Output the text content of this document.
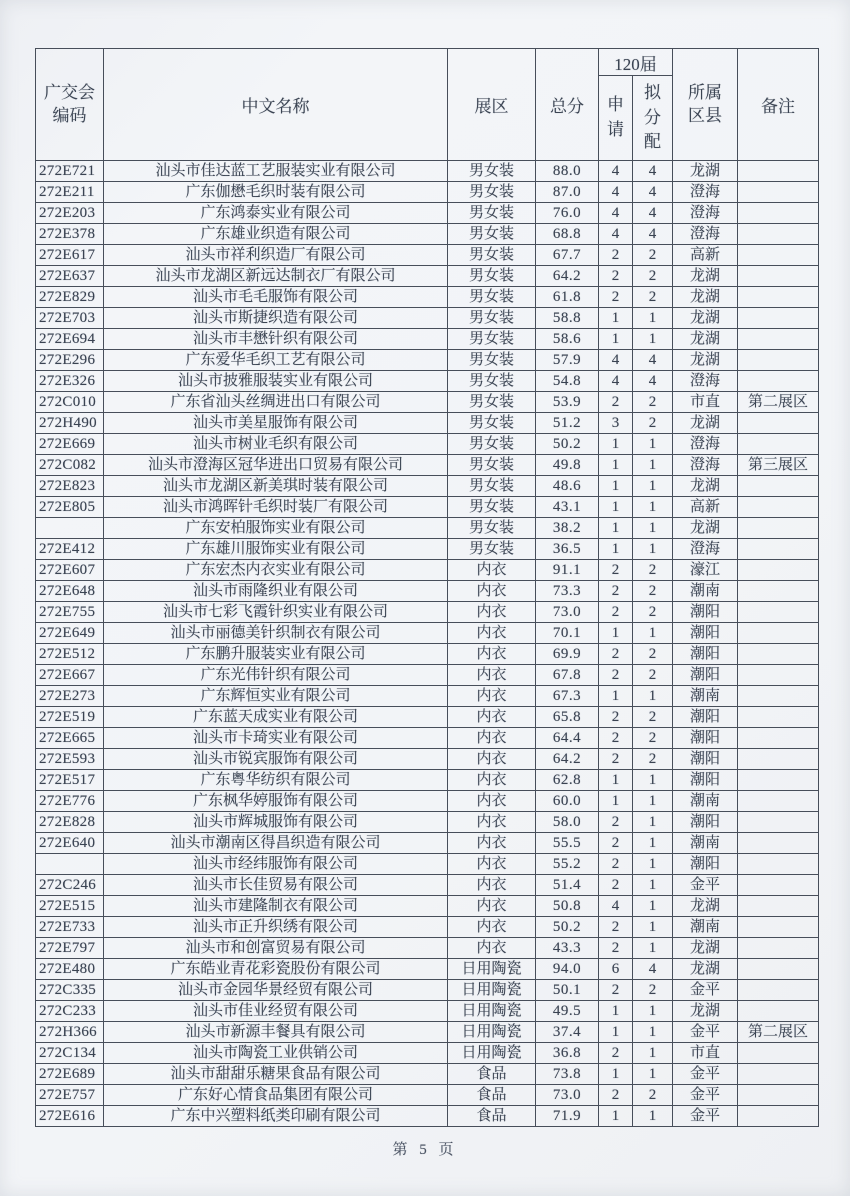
广交会编码	中文名称	展区	总分	120届		所属区县	备注
				申请	拟分配		
272E721	汕头市佳达蓝工艺服装实业有限公司	男女装	88.0	4	4	龙湖	
272E211	广东伽懋毛织时装有限公司	男女装	87.0	4	4	澄海	
272E203	广东鸿泰实业有限公司	男女装	76.0	4	4	澄海	
272E378	广东雄业织造有限公司	男女装	68.8	4	4	澄海	
272E617	汕头市祥利织造厂有限公司	男女装	67.7	2	2	高新	
272E637	汕头市龙湖区新远达制衣厂有限公司	男女装	64.2	2	2	龙湖	
272E829	汕头市毛毛服饰有限公司	男女装	61.8	2	2	龙湖	
272E703	汕头市斯捷织造有限公司	男女装	58.8	1	1	龙湖	
272E694	汕头市丰懋针织有限公司	男女装	58.6	1	1	龙湖	
272E296	广东爱华毛织工艺有限公司	男女装	57.9	4	4	龙湖	
272E326	汕头市披雅服装实业有限公司	男女装	54.8	4	4	澄海	
272C010	广东省汕头丝绸进出口有限公司	男女装	53.9	2	2	市直	第二展区
272H490	汕头市美星服饰有限公司	男女装	51.2	3	2	龙湖	
272E669	汕头市树业毛织有限公司	男女装	50.2	1	1	澄海	
272C082	汕头市澄海区冠华进出口贸易有限公司	男女装	49.8	1	1	澄海	第三展区
272E823	汕头市龙湖区新美琪时装有限公司	男女装	48.6	1	1	龙湖	
272E805	汕头市鸿晖针毛织时装厂有限公司	男女装	43.1	1	1	高新	
	广东安柏服饰实业有限公司	男女装	38.2	1	1	龙湖	
272E412	广东雄川服饰实业有限公司	男女装	36.5	1	1	澄海	
272E607	广东宏杰内衣实业有限公司	内衣	91.1	2	2	濠江	
272E648	汕头市雨隆织业有限公司	内衣	73.3	2	2	潮南	
272E755	汕头市七彩飞霞针织实业有限公司	内衣	73.0	2	2	潮阳	
272E649	汕头市丽德美针织制衣有限公司	内衣	70.1	1	1	潮阳	
272E512	广东鹏升服装实业有限公司	内衣	69.9	2	2	潮阳	
272E667	广东光伟针织有限公司	内衣	67.8	2	2	潮阳	
272E273	广东辉恒实业有限公司	内衣	67.3	1	1	潮南	
272E519	广东蓝天成实业有限公司	内衣	65.8	2	2	潮阳	
272E665	汕头市卡琦实业有限公司	内衣	64.4	2	2	潮阳	
272E593	汕头市锐宾服饰有限公司	内衣	64.2	2	2	潮阳	
272E517	广东粤华纺织有限公司	内衣	62.8	1	1	潮阳	
272E776	广东枫华婷服饰有限公司	内衣	60.0	1	1	潮南	
272E828	汕头市辉城服饰有限公司	内衣	58.0	2	1	潮阳	
272E640	汕头市潮南区得昌织造有限公司	内衣	55.5	2	1	潮南	
	汕头市经纬服饰有限公司	内衣	55.2	2	1	潮阳	
272C246	汕头市长佳贸易有限公司	内衣	51.4	2	1	金平	
272E515	汕头市建隆制衣有限公司	内衣	50.8	4	1	龙湖	
272E733	汕头市正升织绣有限公司	内衣	50.2	2	1	潮南	
272E797	汕头市和创富贸易有限公司	内衣	43.3	2	1	龙湖	
272E480	广东皓业青花彩瓷股份有限公司	日用陶瓷	94.0	6	4	龙湖	
272C335	汕头市金园华景经贸有限公司	日用陶瓷	50.1	2	2	金平	
272C233	汕头市佳业经贸有限公司	日用陶瓷	49.5	1	1	龙湖	
272H366	汕头市新源丰餐具有限公司	日用陶瓷	37.4	1	1	金平	第二展区
272C134	汕头市陶瓷工业供销公司	日用陶瓷	36.8	2	1	市直	
272E689	汕头市甜甜乐糖果食品有限公司	食品	73.8	1	1	金平	
272E757	广东好心情食品集团有限公司	食品	73.0	2	2	金平	
272E616	广东中兴塑料纸类印刷有限公司	食品	71.9	1	1	金平	
第 5 页
